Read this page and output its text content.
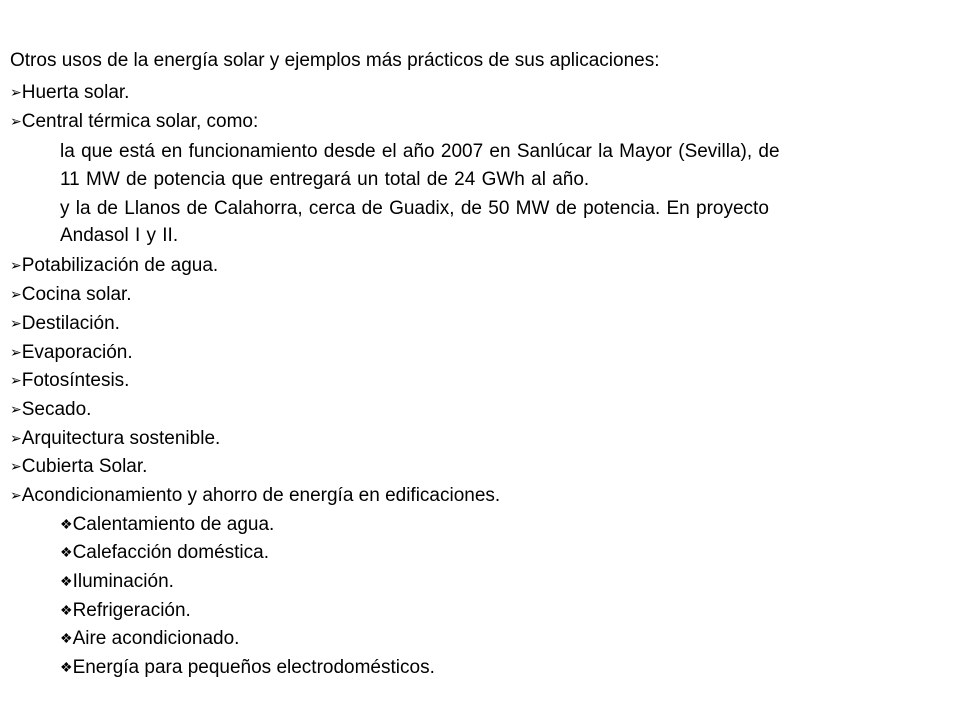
Otros usos de la energía solar y ejemplos más prácticos de sus aplicaciones:
➢Huerta solar.
➢Central térmica solar, como:
la que está en funcionamiento desde el año 2007 en Sanlúcar la Mayor (Sevilla), de
11 MW de potencia que entregará un total de 24 GWh al año.
y la de Llanos de Calahorra, cerca de Guadix, de 50 MW de potencia. En proyecto
Andasol I y II.
➢Potabilización de agua.
➢Cocina solar.
➢Destilación.
➢Evaporación.
➢Fotosíntesis.
➢Secado.
➢Arquitectura sostenible.
➢Cubierta Solar.
➢Acondicionamiento y ahorro de energía en edificaciones.
❖Calentamiento de agua.
❖Calefacción doméstica.
❖Iluminación.
❖Refrigeración.
❖Aire acondicionado.
❖Energía para pequeños electrodomésticos.
